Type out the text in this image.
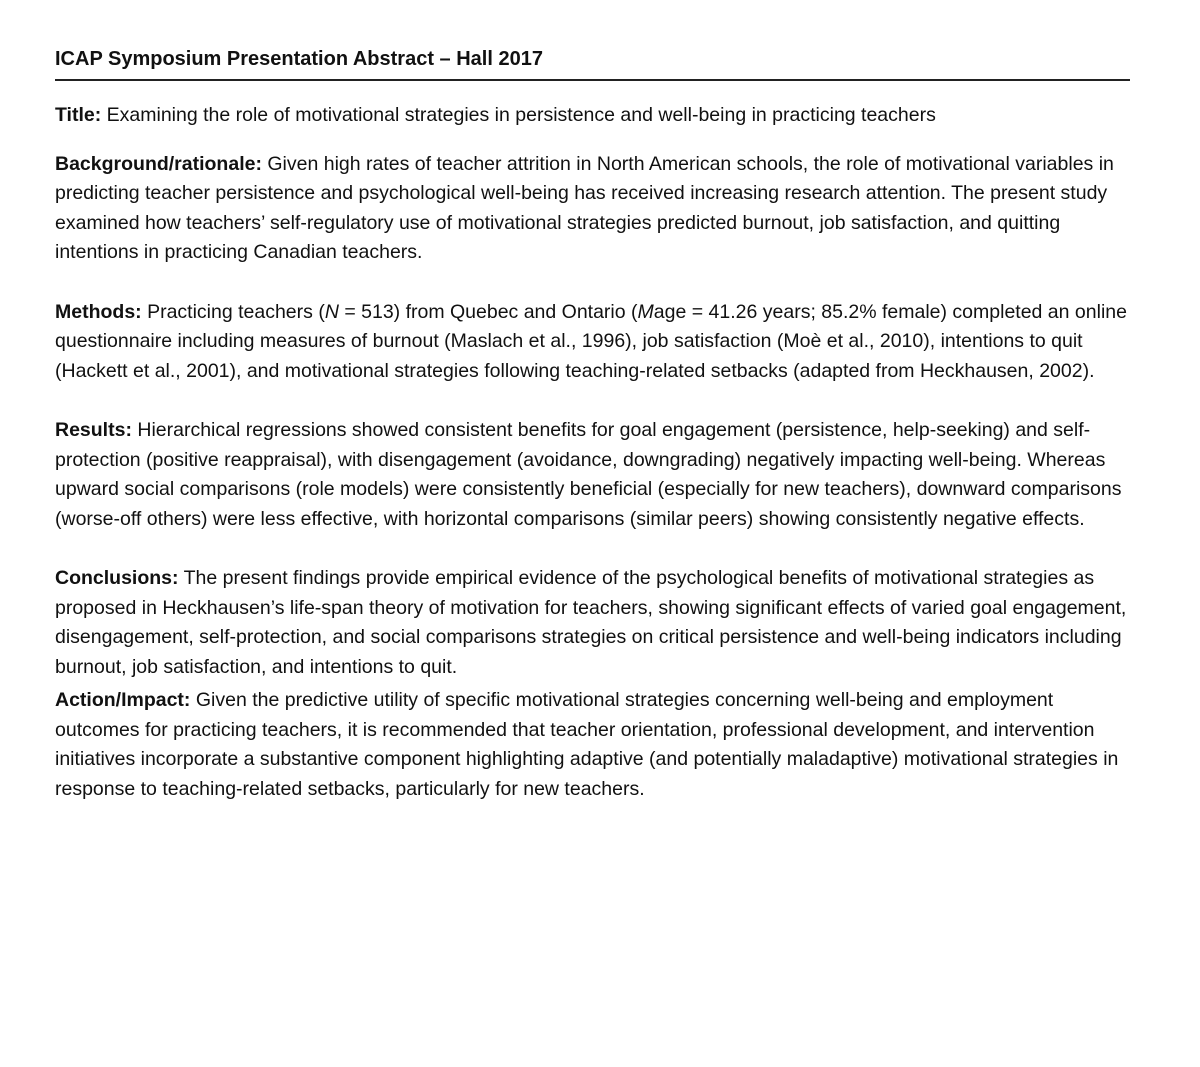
ICAP Symposium Presentation Abstract – Hall 2017

Title: Examining the role of motivational strategies in persistence and well-being in practicing teachers

Background/rationale: Given high rates of teacher attrition in North American schools, the role of motivational variables in predicting teacher persistence and psychological well-being has received increasing research attention. The present study examined how teachers’ self-regulatory use of motivational strategies predicted burnout, job satisfaction, and quitting intentions in practicing Canadian teachers.

Methods: Practicing teachers (N = 513) from Quebec and Ontario (Mage = 41.26 years; 85.2% female) completed an online questionnaire including measures of burnout (Maslach et al., 1996), job satisfaction (Moè et al., 2010), intentions to quit (Hackett et al., 2001), and motivational strategies following teaching-related setbacks (adapted from Heckhausen, 2002).

Results: Hierarchical regressions showed consistent benefits for goal engagement (persistence, help-seeking) and self-protection (positive reappraisal), with disengagement (avoidance, downgrading) negatively impacting well-being. Whereas upward social comparisons (role models) were consistently beneficial (especially for new teachers), downward comparisons (worse-off others) were less effective, with horizontal comparisons (similar peers) showing consistently negative effects.

Conclusions: The present findings provide empirical evidence of the psychological benefits of motivational strategies as proposed in Heckhausen’s life-span theory of motivation for teachers, showing significant effects of varied goal engagement, disengagement, self-protection, and social comparisons strategies on critical persistence and well-being indicators including burnout, job satisfaction, and intentions to quit.

Action/Impact: Given the predictive utility of specific motivational strategies concerning well-being and employment outcomes for practicing teachers, it is recommended that teacher orientation, professional development, and intervention initiatives incorporate a substantive component highlighting adaptive (and potentially maladaptive) motivational strategies in response to teaching-related setbacks, particularly for new teachers.
